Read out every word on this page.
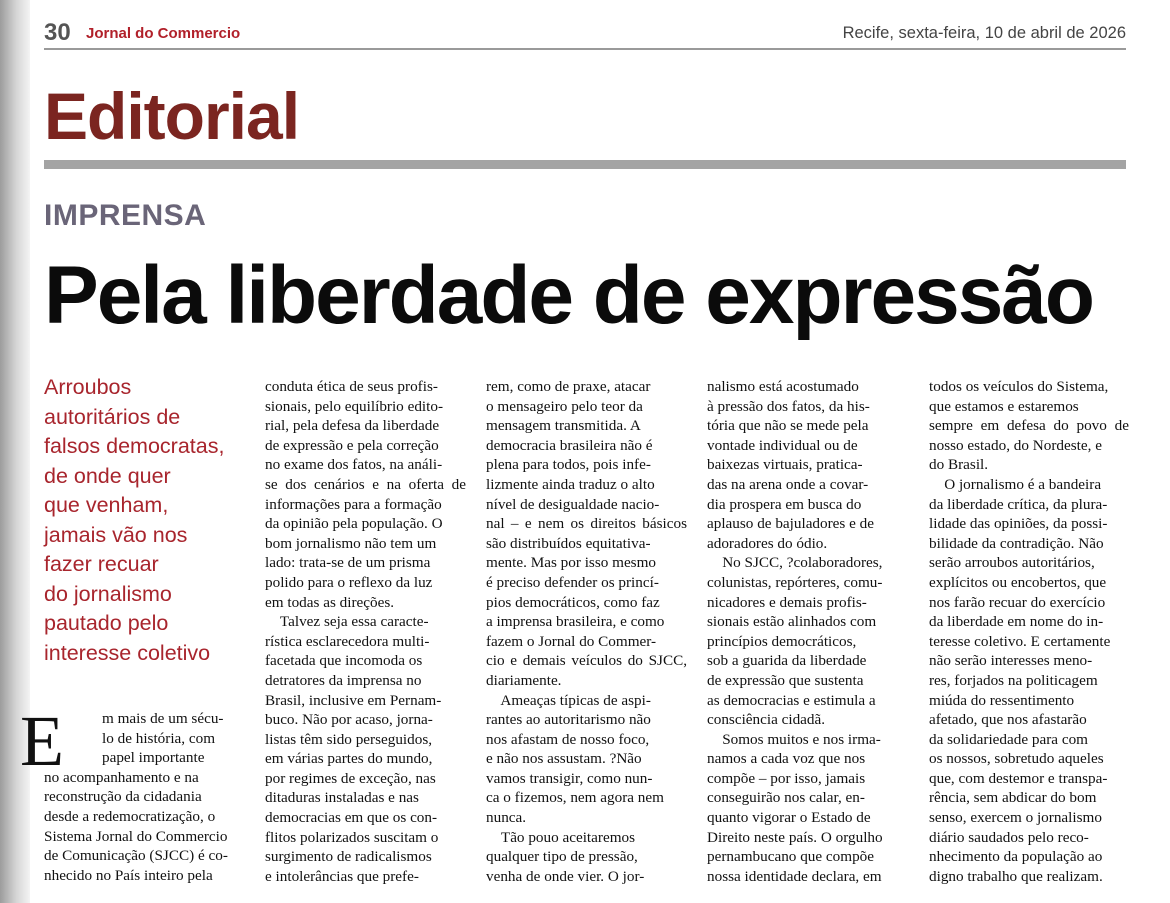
30 Jornal do Commercio	Recife, sexta-feira, 10 de abril de 2026
Editorial
IMPRENSA
Pela liberdade de expressão
Arroubos
autoritários de
falsos democratas,
de onde quer
que venham,
jamais vão nos
fazer recuar
do jornalismo
pautado pelo
interesse coletivo
E	m mais de um sécu-
lo de história, com
papel importante
no acompanhamento e na
reconstrução da cidadania
desde a redemocratização, o
Sistema Jornal do Commercio
de Comunicação (SJCC) é co-
nhecido no País inteiro pela
conduta ética de seus profis-
sionais, pelo equilíbrio edito-
rial, pela defesa da liberdade
de expressão e pela correção
no exame dos fatos, na análi-
se dos cenários e na oferta de
informações para a formação
da opinião pela população. O
bom jornalismo não tem um
lado: trata-se de um prisma
polido para o reflexo da luz
em todas as direções.
Talvez seja essa caracte-
rística esclarecedora multi-
facetada que incomoda os
detratores da imprensa no
Brasil, inclusive em Pernam-
buco. Não por acaso, jorna-
listas têm sido perseguidos,
em várias partes do mundo,
por regimes de exceção, nas
ditaduras instaladas e nas
democracias em que os con-
flitos polarizados suscitam o
surgimento de radicalismos
e intolerâncias que prefe-
rem, como de praxe, atacar
o mensageiro pelo teor da
mensagem transmitida. A
democracia brasileira não é
plena para todos, pois infe-
lizmente ainda traduz o alto
nível de desigualdade nacio-
nal – e nem os direitos básicos
são distribuídos equitativa-
mente. Mas por isso mesmo
é preciso defender os princí-
pios democráticos, como faz
a imprensa brasileira, e como
fazem o Jornal do Commer-
cio e demais veículos do SJCC,
diariamente.
Ameaças típicas de aspi-
rantes ao autoritarismo não
nos afastam de nosso foco,
e não nos assustam. ?Não
vamos transigir, como nun-
ca o fizemos, nem agora nem
nunca.
Tão pouo aceitaremos
qualquer tipo de pressão,
venha de onde vier. O jor-
nalismo está acostumado
à pressão dos fatos, da his-
tória que não se mede pela
vontade individual ou de
baixezas virtuais, pratica-
das na arena onde a covar-
dia prospera em busca do
aplauso de bajuladores e de
adoradores do ódio.
No SJCC, ?colaboradores,
colunistas, repórteres, comu-
nicadores e demais profis-
sionais estão alinhados com
princípios democráticos,
sob a guarida da liberdade
de expressão que sustenta
as democracias e estimula a
consciência cidadã.
Somos muitos e nos irma-
namos a cada voz que nos
compõe – por isso, jamais
conseguirão nos calar, en-
quanto vigorar o Estado de
Direito neste país. O orgulho
pernambucano que compõe
nossa identidade declara, em
todos os veículos do Sistema,
que estamos e estaremos
sempre em defesa do povo de
nosso estado, do Nordeste, e
do Brasil.
O jornalismo é a bandeira
da liberdade crítica, da plura-
lidade das opiniões, da possi-
bilidade da contradição. Não
serão arroubos autoritários,
explícitos ou encobertos, que
nos farão recuar do exercício
da liberdade em nome do in-
teresse coletivo. E certamente
não serão interesses meno-
res, forjados na politicagem
miúda do ressentimento
afetado, que nos afastarão
da solidariedade para com
os nossos, sobretudo aqueles
que, com destemor e transpa-
rência, sem abdicar do bom
senso, exercem o jornalismo
diário saudados pelo reco-
nhecimento da população ao
digno trabalho que realizam.
